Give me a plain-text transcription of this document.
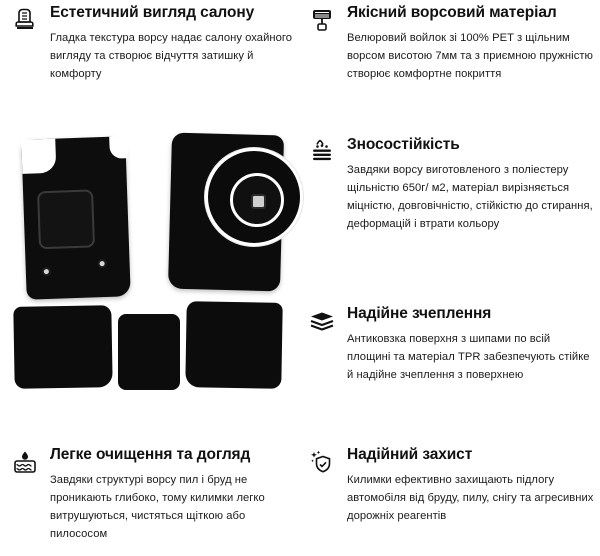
Естетичний вигляд салону
Гладка текстура ворсу надає салону охайного вигляду та створює відчуття затишку й комфорту
Якісний ворсовий матеріал
Велюровий войлок зі 100% PET з щільним ворсом висотою 7мм та з приємною пружністю створює комфортне покриття
Зносостійкість
Завдяки ворсу виготовленого з поліестеру щільністю 650г/ м2, матеріал вирізняється міцністю, довговічністю, стійкістю до стирання, деформацій і втрати кольору
Надійне зчеплення
Антиковзка поверхня з шипами по всій площині та матеріал TPR забезпечують стійке й надійне зчеплення з поверхнею
Легке очищення та догляд
Завдяки структурі ворсу пил і бруд не проникають глибоко, тому килимки легко витрушуються, чистяться щіткою або пилососом
Надійний захист
Килимки ефективно захищають підлогу автомобіля від бруду, пилу, снігу та агресивних дорожніх реагентів
